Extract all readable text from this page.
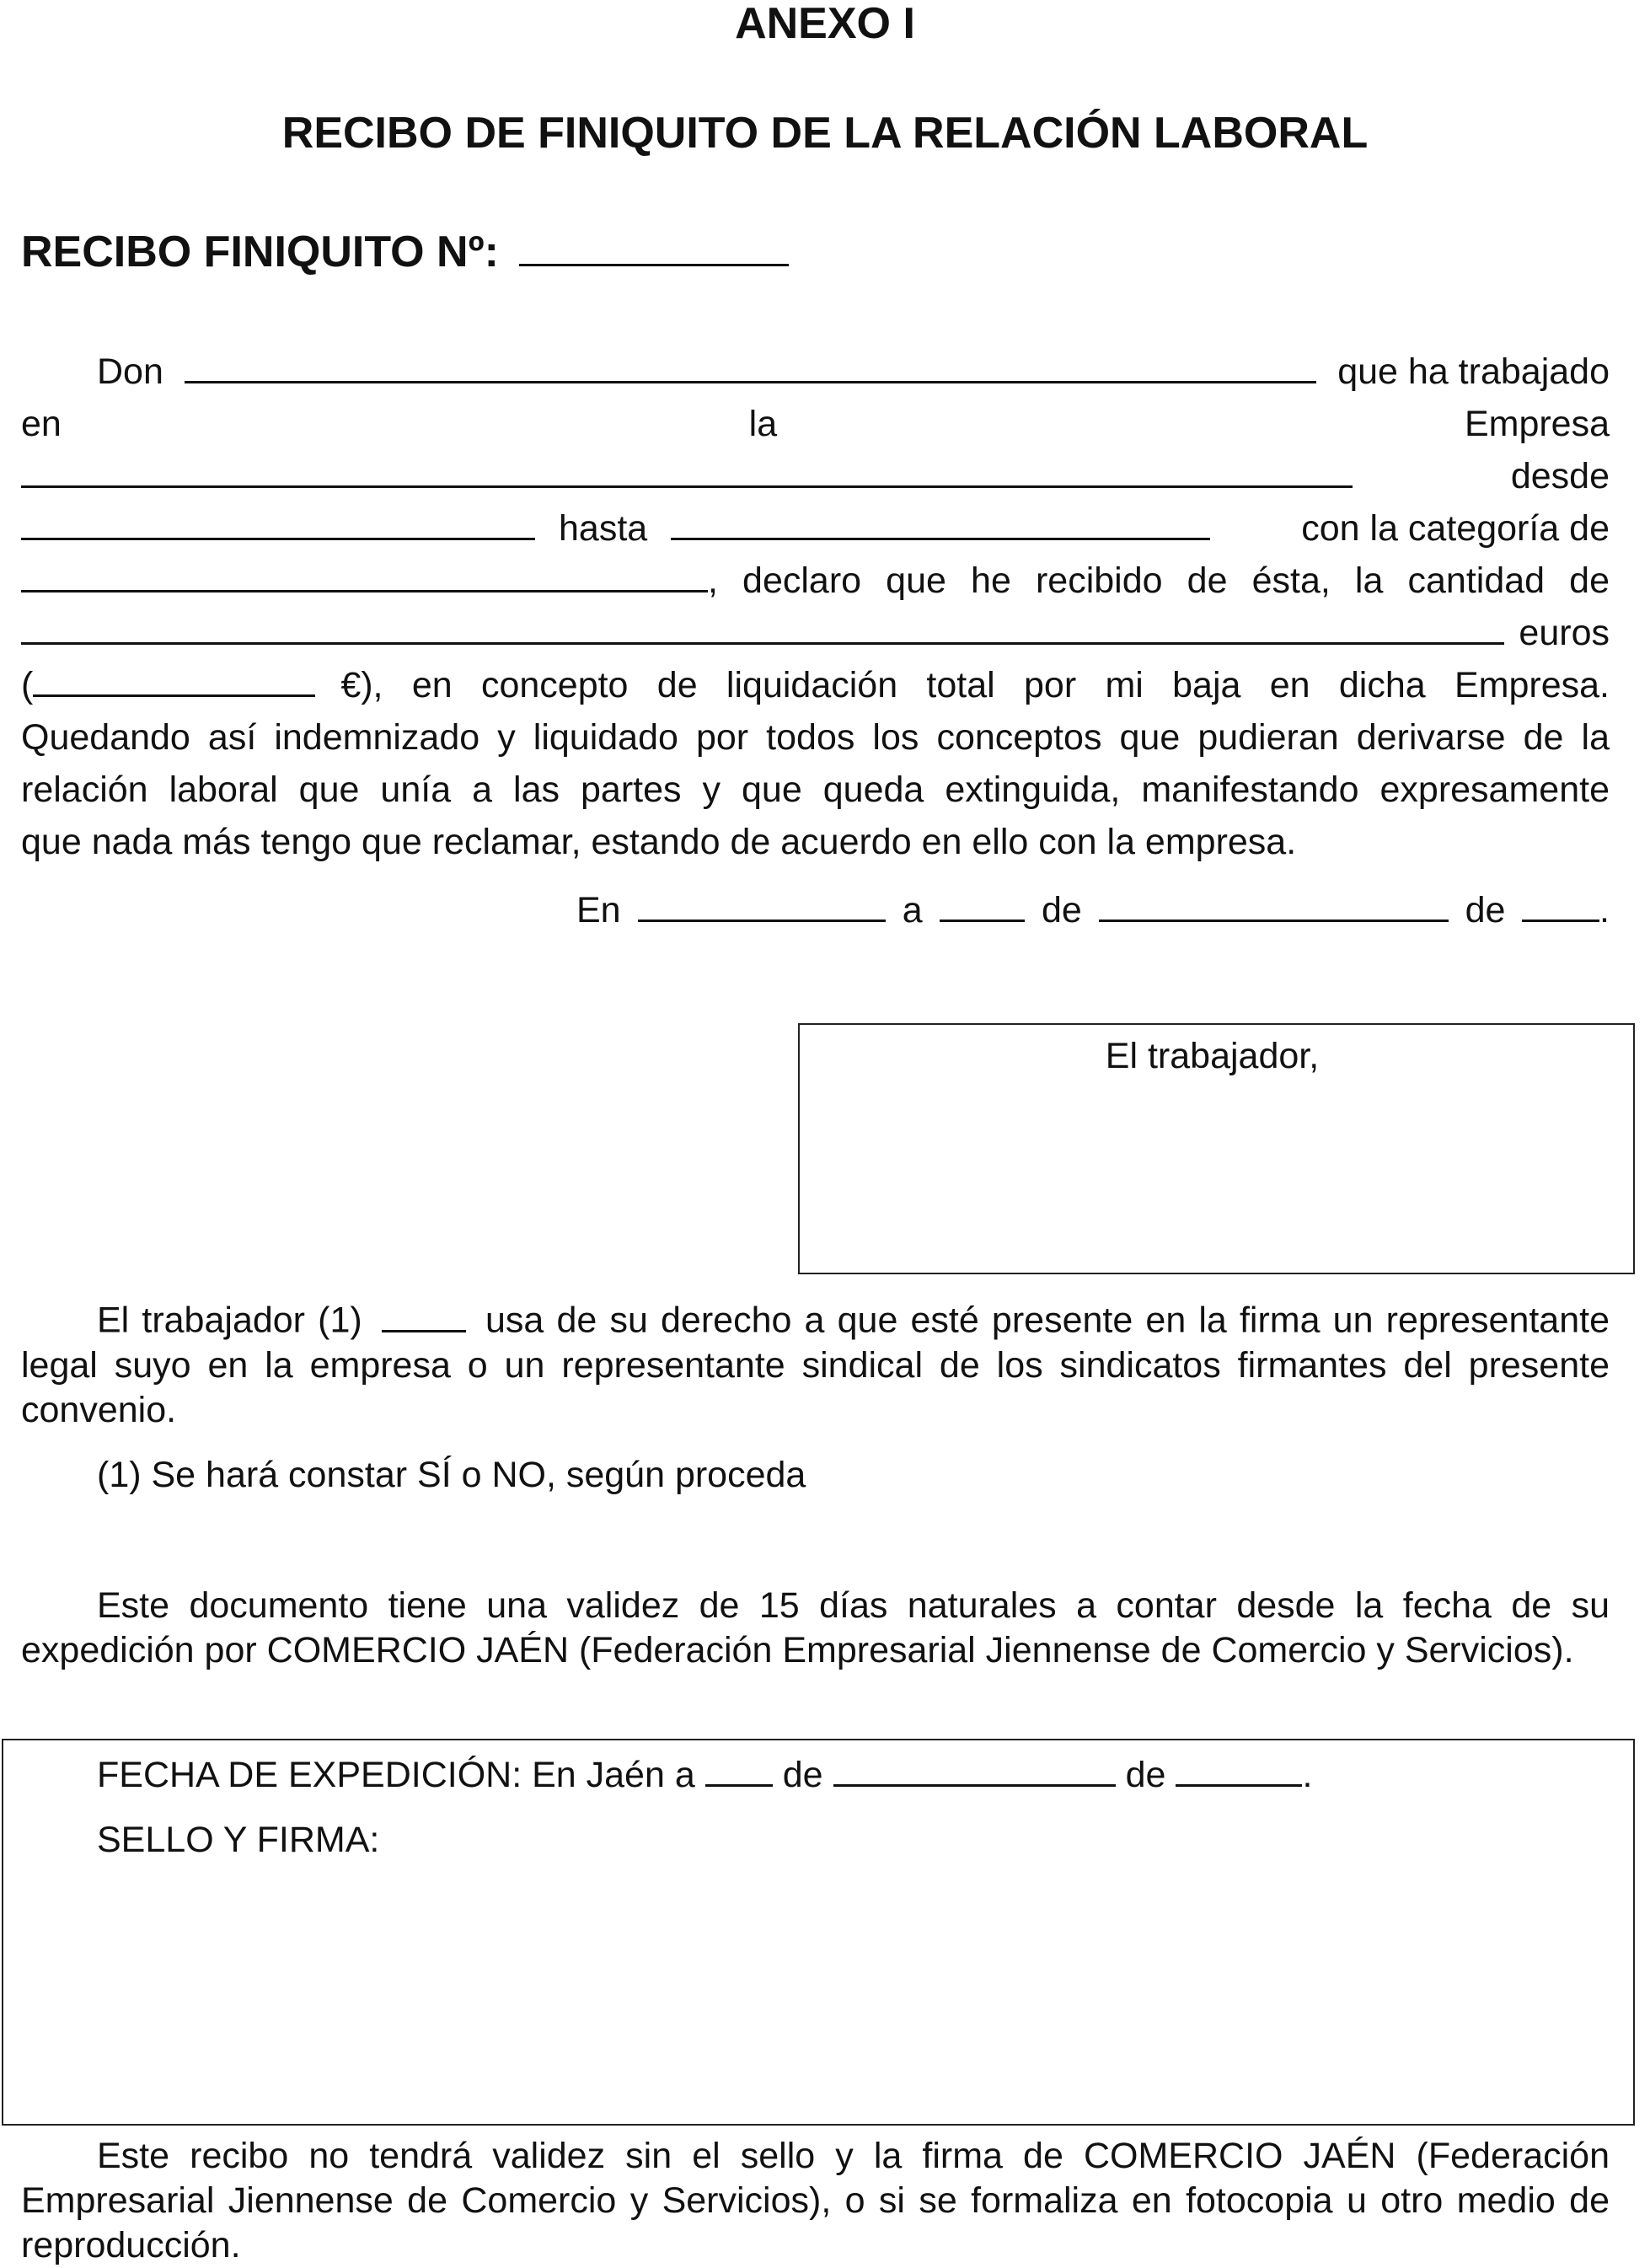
ANEXO I
RECIBO DE FINIQUITO DE LA RELACIÓN LABORAL
RECIBO FINIQUITO Nº:
Don	que ha trabajado
en	la	Empresa
desde
hasta	con la categoría de
, declaro que he recibido de ésta, la cantidad de
euros
(	€), en concepto de liquidación total por mi baja en dicha Empresa.
Quedando así indemnizado y liquidado por todos los conceptos que pudieran derivarse de la
relación laboral que unía a las partes y que queda extinguida, manifestando expresamente
que nada más tengo que reclamar, estando de acuerdo en ello con la empresa.
En	a	de	de	.
El trabajador,
El trabajador (1)	usa de su derecho a que esté presente en la firma un representante legal suyo en la empresa o un representante sindical de los sindicatos firmantes del presente convenio.
(1) Se hará constar SÍ o NO, según proceda
Este documento tiene una validez de 15 días naturales a contar desde la fecha de su expedición por COMERCIO JAÉN (Federación Empresarial Jiennense de Comercio y Servicios).
FECHA DE EXPEDICIÓN: En Jaén a de	de	.
SELLO Y FIRMA:
Este recibo no tendrá validez sin el sello y la firma de COMERCIO JAÉN (Federación Empresarial Jiennense de Comercio y Servicios), o si se formaliza en fotocopia u otro medio de reproducción.
